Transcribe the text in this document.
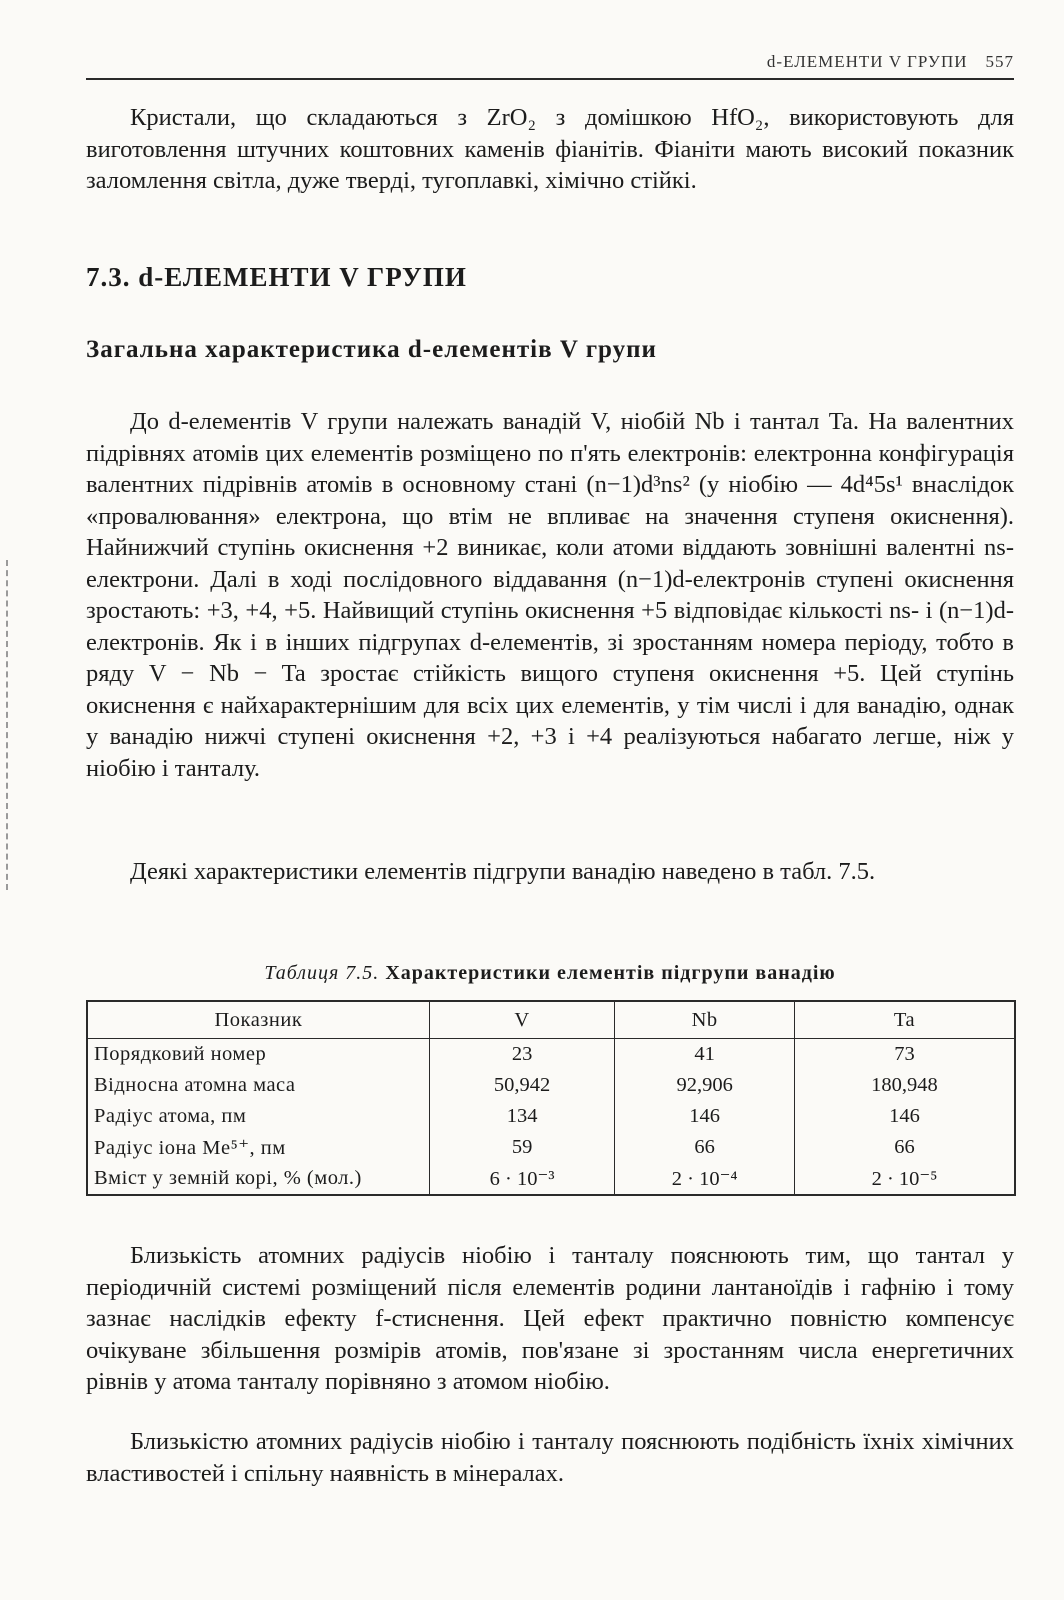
d-ЕЛЕМЕНТИ V ГРУПИ 557

Кристали, що складаються з ZrO₂ з домішкою HfO₂, використовують для виготовлення штучних коштовних каменів фіанітів. Фіаніти мають високий показник заломлення світла, дуже тверді, тугоплавкі, хімічно стійкі.

7.3. d-ЕЛЕМЕНТИ V ГРУПИ
Загальна характеристика d-елементів V групи

До d-елементів V групи належать ванадій V, ніобій Nb і тантал Ta. На валентних підрівнях атомів цих елементів розміщено по п'ять електронів: електронна конфігурація валентних підрівнів атомів в основному стані (n−1)d³ns² (у ніобію — 4d⁴5s¹ внаслідок «провалювання» електрона, що втім не впливає на значення ступеня окиснення). Найнижчий ступінь окиснення +2 виникає, коли атоми віддають зовнішні валентні ns-електрони. Далі в ході послідовного віддавання (n−1)d-електронів ступені окиснення зростають: +3, +4, +5. Найвищий ступінь окиснення +5 відповідає кількості ns- і (n−1)d-електронів. Як і в інших підгрупах d-елементів, зі зростанням номера періоду, тобто в ряду V − Nb − Ta зростає стійкість вищого ступеня окиснення +5. Цей ступінь окиснення є найхарактернішим для всіх цих елементів, у тім числі і для ванадію, однак у ванадію нижчі ступені окиснення +2, +3 і +4 реалізуються набагато легше, ніж у ніобію і танталу.

Деякі характеристики елементів підгрупи ванадію наведено в табл. 7.5.

Таблиця 7.5. Характеристики елементів підгрупи ванадію
Показник	V	Nb	Ta
Порядковий номер	23	41	73
Відносна атомна маса	50,942	92,906	180,948
Радіус атома, пм	134	146	146
Радіус іона Me⁵⁺, пм	59	66	66
Вміст у земній корі, % (мол.)	6 · 10⁻³	2 · 10⁻⁴	2 · 10⁻⁵

Близькість атомних радіусів ніобію і танталу пояснюють тим, що тантал у періодичній системі розміщений після елементів родини лантаноїдів і гафнію і тому зазнає наслідків ефекту f-стиснення. Цей ефект практично повністю компенсує очікуване збільшення розмірів атомів, пов'язане зі зростанням числа енергетичних рівнів у атома танталу порівняно з атомом ніобію.

Близькістю атомних радіусів ніобію і танталу пояснюють подібність їхніх хімічних властивостей і спільну наявність в мінералах.
